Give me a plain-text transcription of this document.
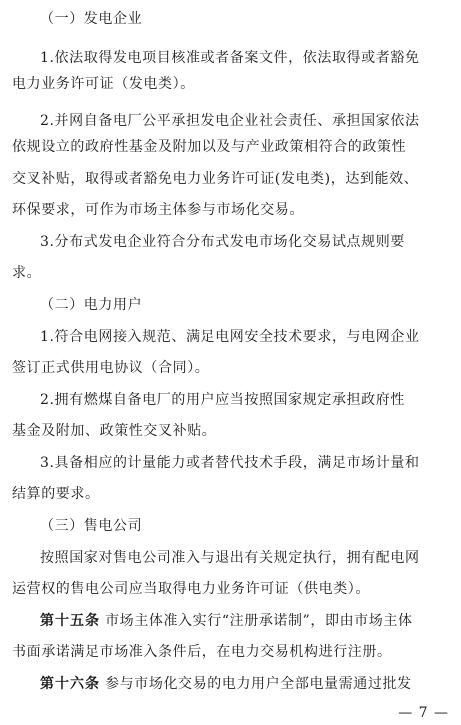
（一）发电企业
1.依法取得发电项目核准或者备案文件，依法取得或者豁免
电力业务许可证（发电类）。
2.并网自备电厂公平承担发电企业社会责任、承担国家依法
依规设立的政府性基金及附加以及与产业政策相符合的政策性
交叉补贴，取得或者豁免电力业务许可证(发电类)，达到能效、
环保要求，可作为市场主体参与市场化交易。
3.分布式发电企业符合分布式发电市场化交易试点规则要
求。
（二）电力用户
1.符合电网接入规范、满足电网安全技术要求，与电网企业
签订正式供用电协议（合同）。
2.拥有燃煤自备电厂的用户应当按照国家规定承担政府性
基金及附加、政策性交叉补贴。
3.具备相应的计量能力或者替代技术手段，满足市场计量和
结算的要求。
（三）售电公司
按照国家对售电公司准入与退出有关规定执行，拥有配电网
运营权的售电公司应当取得电力业务许可证（供电类）。
第十五条 市场主体准入实行“注册承诺制”，即由市场主体
书面承诺满足市场准入条件后，在电力交易机构进行注册。
第十六条 参与市场化交易的电力用户全部电量需通过批发
— 7 —
